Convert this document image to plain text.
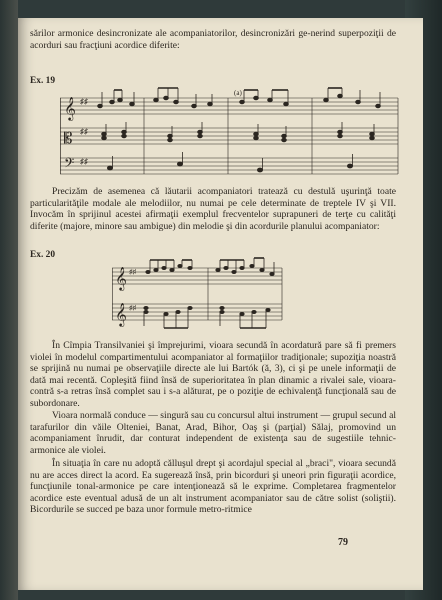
sărilor armonice desincronizate ale acompaniatorilor, desincronizări ge-nerind superpoziţii de acorduri sau fracţiuni acordice diferite:

Ex. 19
𝄞
𝄡
𝄢
♯♯
♯♯
♯♯
(a)

Precizăm de asemenea că lăutarii acompaniatori tratează cu destulă uşurinţă toate particularităţile modale ale melodiilor, nu numai pe cele determinate de treptele IV şi VII. Invocăm în sprijinul acestei afirmaţii exemplul frecventelor suprapuneri de terţe cu calităţi diferite (majore, minore sau ambigue) din melodie şi din acordurile planului acompaniator:

Ex. 20
𝄞
𝄞
♯♯
♯♯

În Cîmpia Transilvaniei şi împrejurimi, vioara secundă în acordatură pare să fi premers violei în modelul compartimentului acompaniator al formaţiilor tradiţionale; supoziţia noastră se sprijină nu numai pe observaţiile directe ale lui Bartók (ă, 3), ci şi pe unele informaţii de dată mai recentă. Copleşită fiind însă de superioritatea în plan dinamic a rivalei sale, vioara-contră s-a retras însă complet sau i s-a alăturat, pe o poziţie de echivalenţă funcţională sau de subordonare.

Vioara normală conduce — singură sau cu concursul altui instrument — grupul secund al tarafurilor din văile Olteniei, Banat, Arad, Bihor, Oaş şi (parţial) Sălaj, promovind un acompaniament înrudit, dar conturat independent de existenţa sau de sugestiile tehnic-armonice ale violei.

În situaţia în care nu adoptă călluşul drept şi acordajul special al „braci", vioara secundă nu are acces direct la acord. Ea sugerează însă, prin bicorduri şi uneori prin figuraţii acordice, funcţiunile tonal-armonice pe care intenţionează să le exprime. Completarea fragmentelor acordice este eventual adusă de un alt instrument acompaniator sau de către solist (soliştii). Bicordurile se succed pe baza unor formule metro-ritmice

79
